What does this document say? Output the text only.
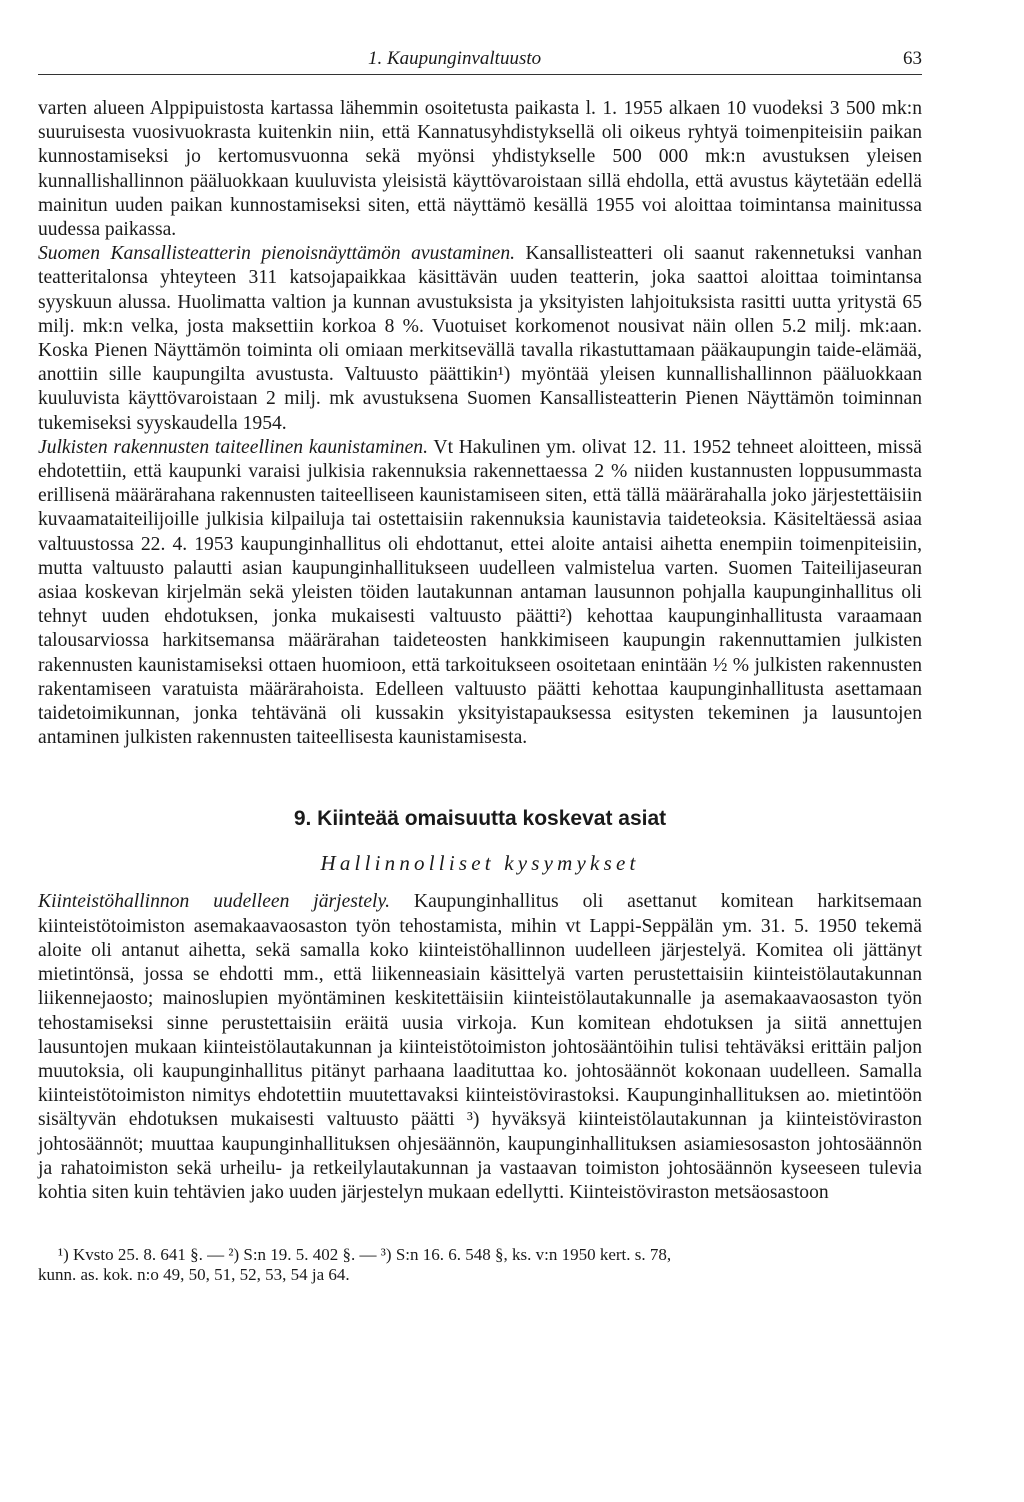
1. Kaupunginvaltuusto	63

varten alueen Alppipuistosta kartassa lähemmin osoitetusta paikasta l. 1. 1955 alkaen 10 vuodeksi 3 500 mk:n suuruisesta vuosivuokrasta kuitenkin niin, että Kannatusyhdistyksellä oli oikeus ryhtyä toimenpiteisiin paikan kunnostamiseksi jo kertomusvuonna sekä myönsi yhdistykselle 500 000 mk:n avustuksen yleisen kunnallishallinnon pääluokkaan kuuluvista yleisistä käyttövaroistaan sillä ehdolla, että avustus käytetään edellä mainitun uuden paikan kunnostamiseksi siten, että näyttämö kesällä 1955 voi aloittaa toimintansa mainitussa uudessa paikassa.

Suomen Kansallisteatterin pienoisnäyttämön avustaminen. Kansallisteatteri oli saanut rakennetuksi vanhan teatteritalonsa yhteyteen 311 katsojapaikkaa käsittävän uuden teatterin, joka saattoi aloittaa toimintansa syyskuun alussa. Huolimatta valtion ja kunnan avustuksista ja yksityisten lahjoituksista rasitti uutta yritystä 65 milj. mk:n velka, josta maksettiin korkoa 8 %. Vuotuiset korkomenot nousivat näin ollen 5.2 milj. mk:aan. Koska Pienen Näyttämön toiminta oli omiaan merkitsevällä tavalla rikastuttamaan pääkaupungin taide-elämää, anottiin sille kaupungilta avustusta. Valtuusto päättikin¹) myöntää yleisen kunnallishallinnon pääluokkaan kuuluvista käyttövaroistaan 2 milj. mk avustuksena Suomen Kansallisteatterin Pienen Näyttämön toiminnan tukemiseksi syyskaudella 1954.

Julkisten rakennusten taiteellinen kaunistaminen. Vt Hakulinen ym. olivat 12. 11. 1952 tehneet aloitteen, missä ehdotettiin, että kaupunki varaisi julkisia rakennuksia rakennettaessa 2 % niiden kustannusten loppusummasta erillisenä määrärahana rakennusten taiteelliseen kaunistamiseen siten, että tällä määrärahalla joko järjestettäisiin kuvaamataiteilijoille julkisia kilpailuja tai ostettaisiin rakennuksia kaunistavia taideteoksia. Käsiteltäessä asiaa valtuustossa 22. 4. 1953 kaupunginhallitus oli ehdottanut, ettei aloite antaisi aihetta enempiin toimenpiteisiin, mutta valtuusto palautti asian kaupunginhallitukseen uudelleen valmistelua varten. Suomen Taiteilijaseuran asiaa koskevan kirjelmän sekä yleisten töiden lautakunnan antaman lausunnon pohjalla kaupunginhallitus oli tehnyt uuden ehdotuksen, jonka mukaisesti valtuusto päätti²) kehottaa kaupunginhallitusta varaamaan talousarviossa harkitsemansa määrärahan taideteosten hankkimiseen kaupungin rakennuttamien julkisten rakennusten kaunistamiseksi ottaen huomioon, että tarkoitukseen osoitetaan enintään ½ % julkisten rakennusten rakentamiseen varatuista määrärahoista. Edelleen valtuusto päätti kehottaa kaupunginhallitusta asettamaan taidetoimikunnan, jonka tehtävänä oli kussakin yksityistapauksessa esitysten tekeminen ja lausuntojen antaminen julkisten rakennusten taiteellisesta kaunistamisesta.

9. Kiinteää omaisuutta koskevat asiat
Hallinnolliset kysymykset

Kiinteistöhallinnon uudelleen järjestely. Kaupunginhallitus oli asettanut komitean harkitsemaan kiinteistötoimiston asemakaavaosaston työn tehostamista, mihin vt Lappi-Seppälän ym. 31. 5. 1950 tekemä aloite oli antanut aihetta, sekä samalla koko kiinteistöhallinnon uudelleen järjestelyä. Komitea oli jättänyt mietintönsä, jossa se ehdotti mm., että liikenneasiain käsittelyä varten perustettaisiin kiinteistölautakunnan liikennejaosto; mainoslupien myöntäminen keskitettäisiin kiinteistölautakunnalle ja asemakaavaosaston työn tehostamiseksi sinne perustettaisiin eräitä uusia virkoja. Kun komitean ehdotuksen ja siitä annettujen lausuntojen mukaan kiinteistölautakunnan ja kiinteistötoimiston johtosääntöihin tulisi tehtäväksi erittäin paljon muutoksia, oli kaupunginhallitus pitänyt parhaana laadituttaa ko. johtosäännöt kokonaan uudelleen. Samalla kiinteistötoimiston nimitys ehdotettiin muutettavaksi kiinteistövirastoksi. Kaupunginhallituksen ao. mietintöön sisältyvän ehdotuksen mukaisesti valtuusto päätti ³) hyväksyä kiinteistölautakunnan ja kiinteistöviraston johtosäännöt; muuttaa kaupunginhallituksen ohjesäännön, kaupunginhallituksen asiamiesosaston johtosäännön ja rahatoimiston sekä urheilu- ja retkeilylautakunnan ja vastaavan toimiston johtosäännön kyseeseen tulevia kohtia siten kuin tehtävien jako uuden järjestelyn mukaan edellytti. Kiinteistöviraston metsäosastoon

¹) Kvsto 25. 8. 641 §. — ²) S:n 19. 5. 402 §. — ³) S:n 16. 6. 548 §, ks. v:n 1950 kert. s. 78,
kunn. as. kok. n:o 49, 50, 51, 52, 53, 54 ja 64.
